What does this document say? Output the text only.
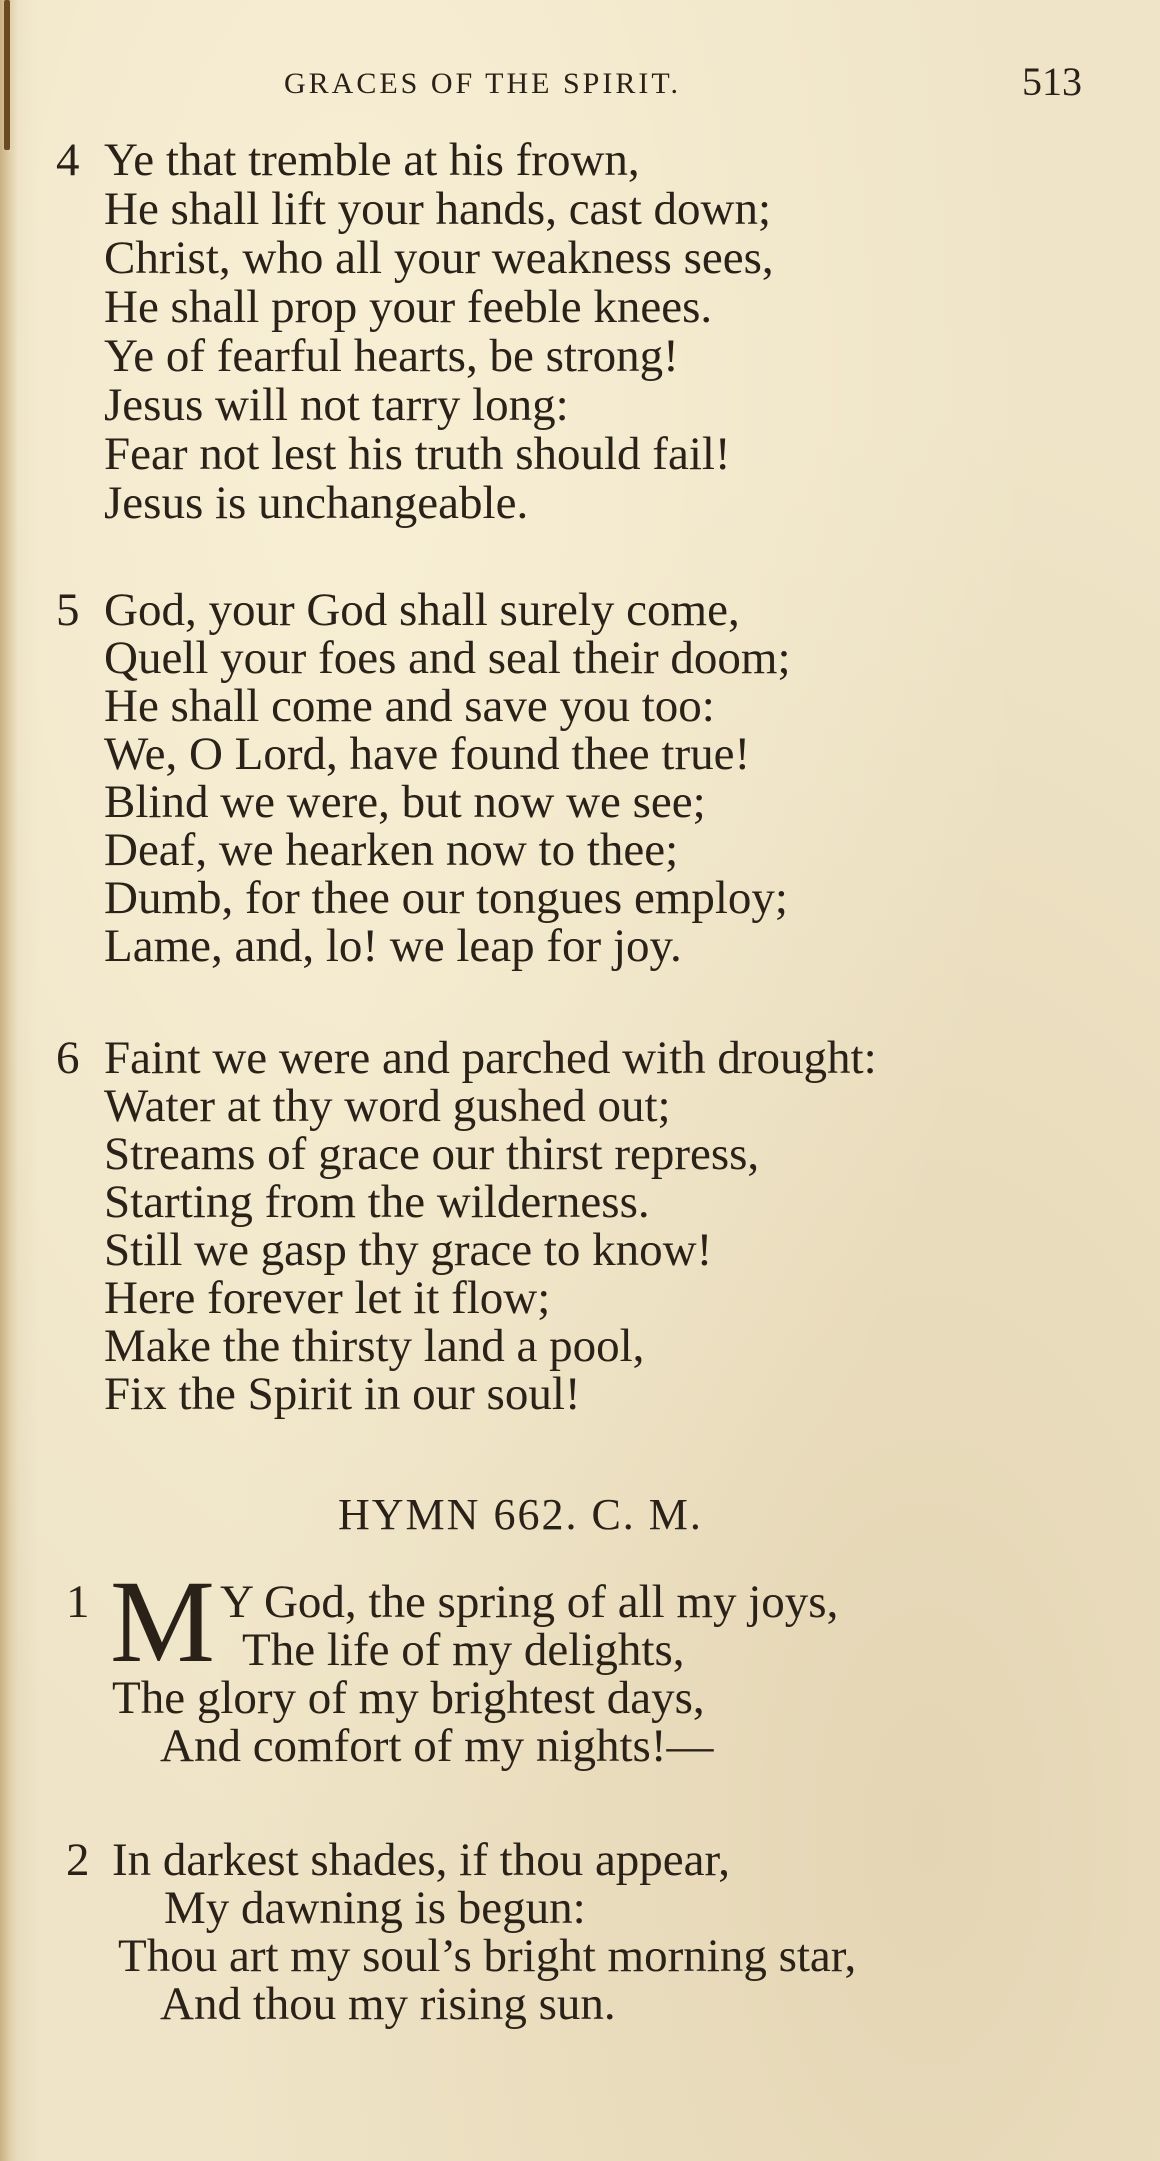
GRACES OF THE SPIRIT.	513
4 Ye that tremble at his frown,
He shall lift your hands, cast down;
Christ, who all your weakness sees,
He shall prop your feeble knees.
Ye of fearful hearts, be strong!
Jesus will not tarry long:
Fear not lest his truth should fail!
Jesus is unchangeable.
5 God, your God shall surely come,
Quell your foes and seal their doom;
He shall come and save you too:
We, O Lord, have found thee true!
Blind we were, but now we see;
Deaf, we hearken now to thee;
Dumb, for thee our tongues employ;
Lame, and, lo! we leap for joy.
6 Faint we were and parched with drought:
Water at thy word gushed out;
Streams of grace our thirst repress,
Starting from the wilderness.
Still we gasp thy grace to know!
Here forever let it flow;
Make the thirsty land a pool,
Fix the Spirit in our soul!
HYMN 662. C. M.
1 M Y God, the spring of all my joys,
The life of my delights,
The glory of my brightest days,
And comfort of my nights!—
2 In darkest shades, if thou appear,
My dawning is begun:
Thou art my soul’s bright morning star,
And thou my rising sun.
